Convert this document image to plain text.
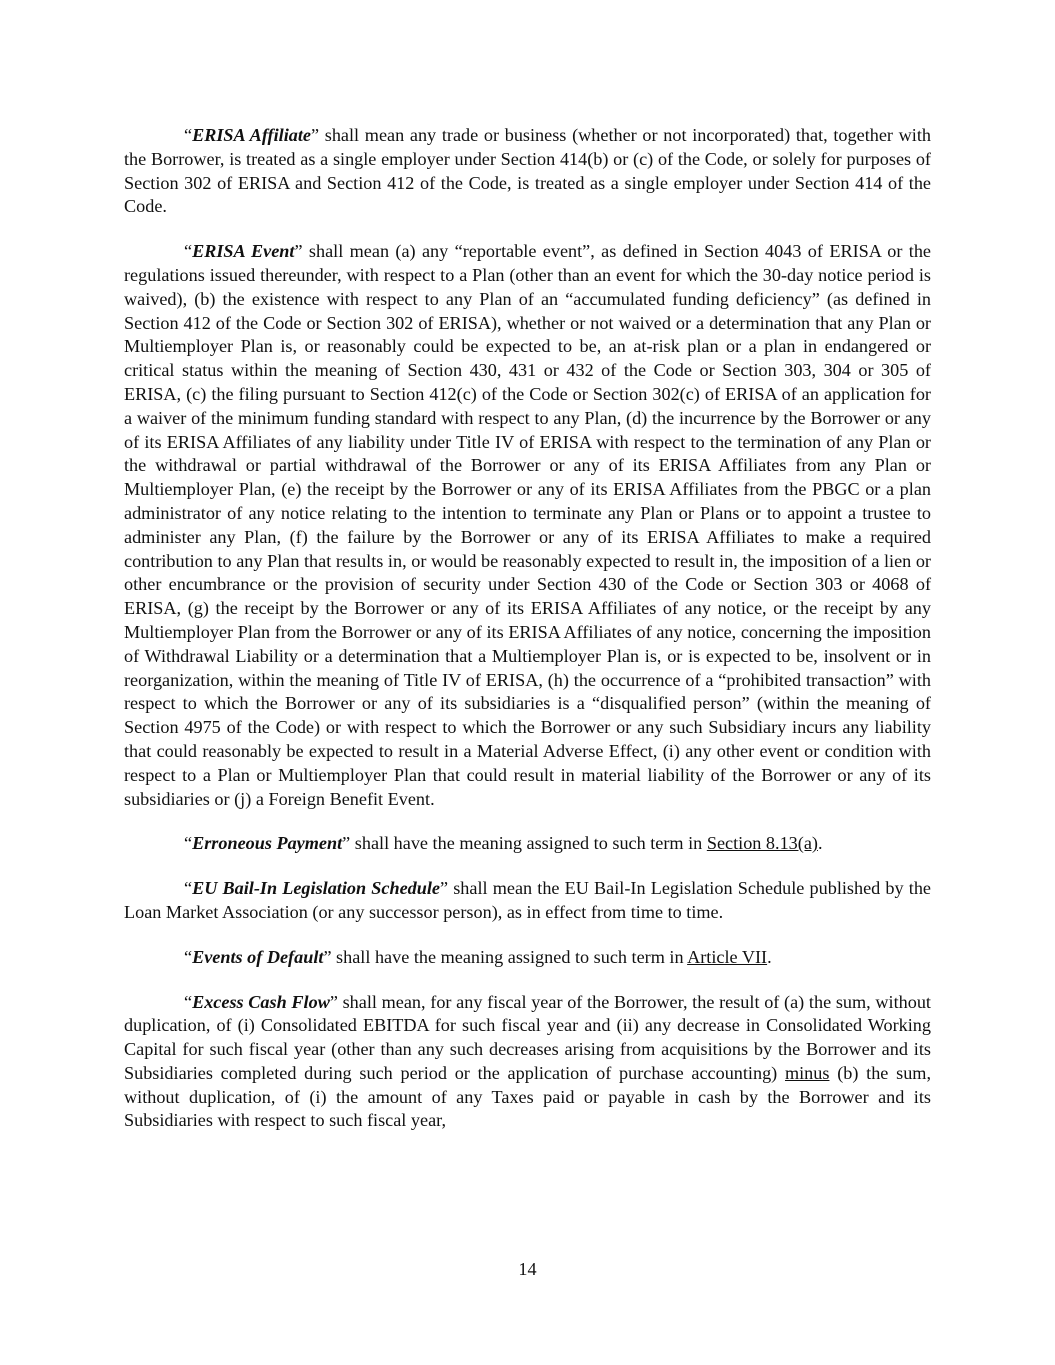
“ERISA Affiliate” shall mean any trade or business (whether or not incorporated) that, together with the Borrower, is treated as a single employer under Section 414(b) or (c) of the Code, or solely for purposes of Section 302 of ERISA and Section 412 of the Code, is treated as a single employer under Section 414 of the Code.

“ERISA Event” shall mean (a) any “reportable event”, as defined in Section 4043 of ERISA or the regulations issued thereunder, with respect to a Plan (other than an event for which the 30-day notice period is waived), (b) the existence with respect to any Plan of an “accumulated funding deficiency” (as defined in Section 412 of the Code or Section 302 of ERISA), whether or not waived or a determination that any Plan or Multiemployer Plan is, or reasonably could be expected to be, an at-risk plan or a plan in endangered or critical status within the meaning of Section 430, 431 or 432 of the Code or Section 303, 304 or 305 of ERISA, (c) the filing pursuant to Section 412(c) of the Code or Section 302(c) of ERISA of an application for a waiver of the minimum funding standard with respect to any Plan, (d) the incurrence by the Borrower or any of its ERISA Affiliates of any liability under Title IV of ERISA with respect to the termination of any Plan or the withdrawal or partial withdrawal of the Borrower or any of its ERISA Affiliates from any Plan or Multiemployer Plan, (e) the receipt by the Borrower or any of its ERISA Affiliates from the PBGC or a plan administrator of any notice relating to the intention to terminate any Plan or Plans or to appoint a trustee to administer any Plan, (f) the failure by the Borrower or any of its ERISA Affiliates to make a required contribution to any Plan that results in, or would be reasonably expected to result in, the imposition of a lien or other encumbrance or the provision of security under Section 430 of the Code or Section 303 or 4068 of ERISA, (g) the receipt by the Borrower or any of its ERISA Affiliates of any notice, or the receipt by any Multiemployer Plan from the Borrower or any of its ERISA Affiliates of any notice, concerning the imposition of Withdrawal Liability or a determination that a Multiemployer Plan is, or is expected to be, insolvent or in reorganization, within the meaning of Title IV of ERISA, (h) the occurrence of a “prohibited transaction” with respect to which the Borrower or any of its subsidiaries is a “disqualified person” (within the meaning of Section 4975 of the Code) or with respect to which the Borrower or any such Subsidiary incurs any liability that could reasonably be expected to result in a Material Adverse Effect, (i) any other event or condition with respect to a Plan or Multiemployer Plan that could result in material liability of the Borrower or any of its subsidiaries or (j) a Foreign Benefit Event.

“Erroneous Payment” shall have the meaning assigned to such term in Section 8.13(a).

“EU Bail-In Legislation Schedule” shall mean the EU Bail-In Legislation Schedule published by the Loan Market Association (or any successor person), as in effect from time to time.

“Events of Default” shall have the meaning assigned to such term in Article VII.

“Excess Cash Flow” shall mean, for any fiscal year of the Borrower, the result of (a) the sum, without duplication, of (i) Consolidated EBITDA for such fiscal year and (ii) any decrease in Consolidated Working Capital for such fiscal year (other than any such decreases arising from acquisitions by the Borrower and its Subsidiaries completed during such period or the application of purchase accounting) minus (b) the sum, without duplication, of (i) the amount of any Taxes paid or payable in cash by the Borrower and its Subsidiaries with respect to such fiscal year,

14
